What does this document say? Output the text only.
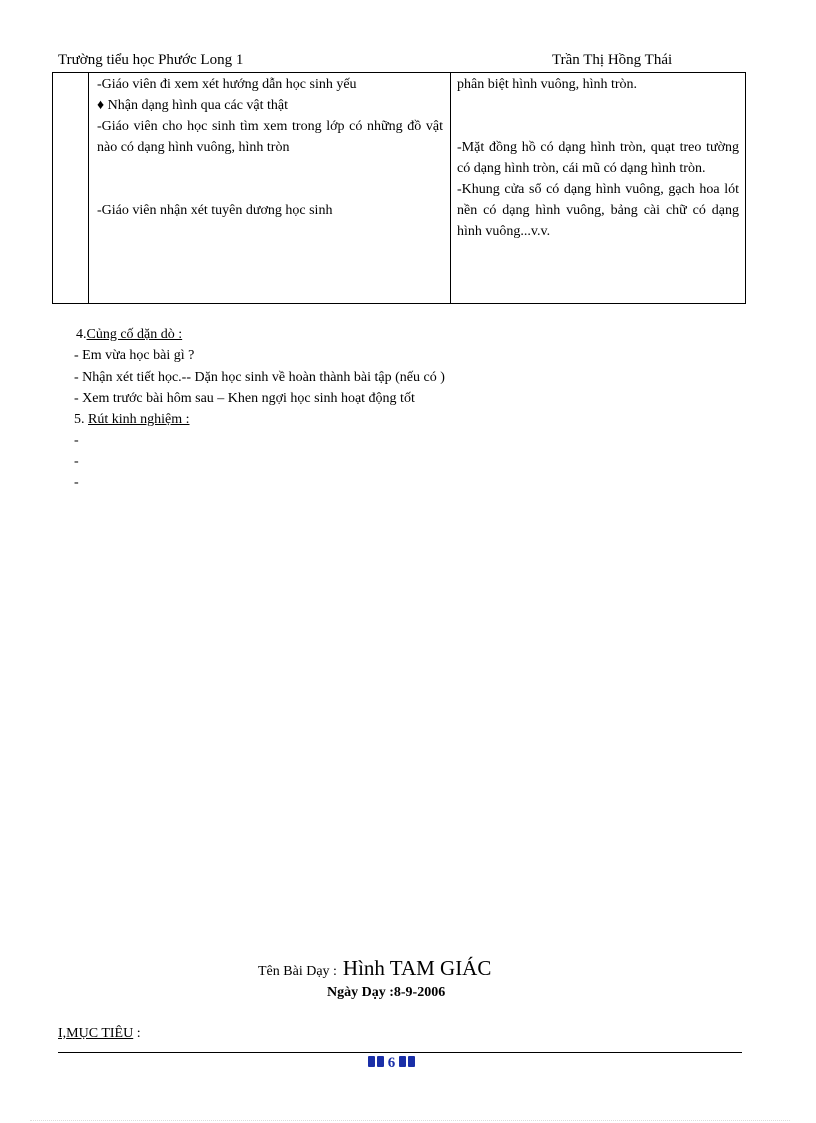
Trường tiểu học Phước Long 1	Trần Thị Hồng Thái

-Giáo viên đi xem xét hướng dẫn học sinh yếu

♦ Nhận dạng hình qua các vật thật

-Giáo viên cho học sinh tìm xem trong lớp có những đồ vật nào có dạng hình vuông, hình tròn

-Giáo viên nhận xét tuyên dương học sinh

phân biệt hình vuông, hình tròn.

-Mặt đồng hồ có dạng hình tròn, quạt treo tường có dạng hình tròn, cái mũ có dạng hình tròn.

-Khung cửa sổ có dạng hình vuông, gạch hoa lót nền có dạng hình vuông, bảng cài chữ có dạng hình vuông...v.v.

4.Củng cố dặn dò :
- Em vừa học bài gì ?
- Nhận xét tiết học.-- Dặn học sinh về hoàn thành bài tập (nếu có )
- Xem trước bài hôm sau – Khen ngợi học sinh hoạt động tốt
5. Rút kinh nghiệm :
-
-
-
Tên Bài Dạy : Hình TAM GIÁC
Ngày Dạy :8-9-2006
I,MỤC TIÊU :
6
